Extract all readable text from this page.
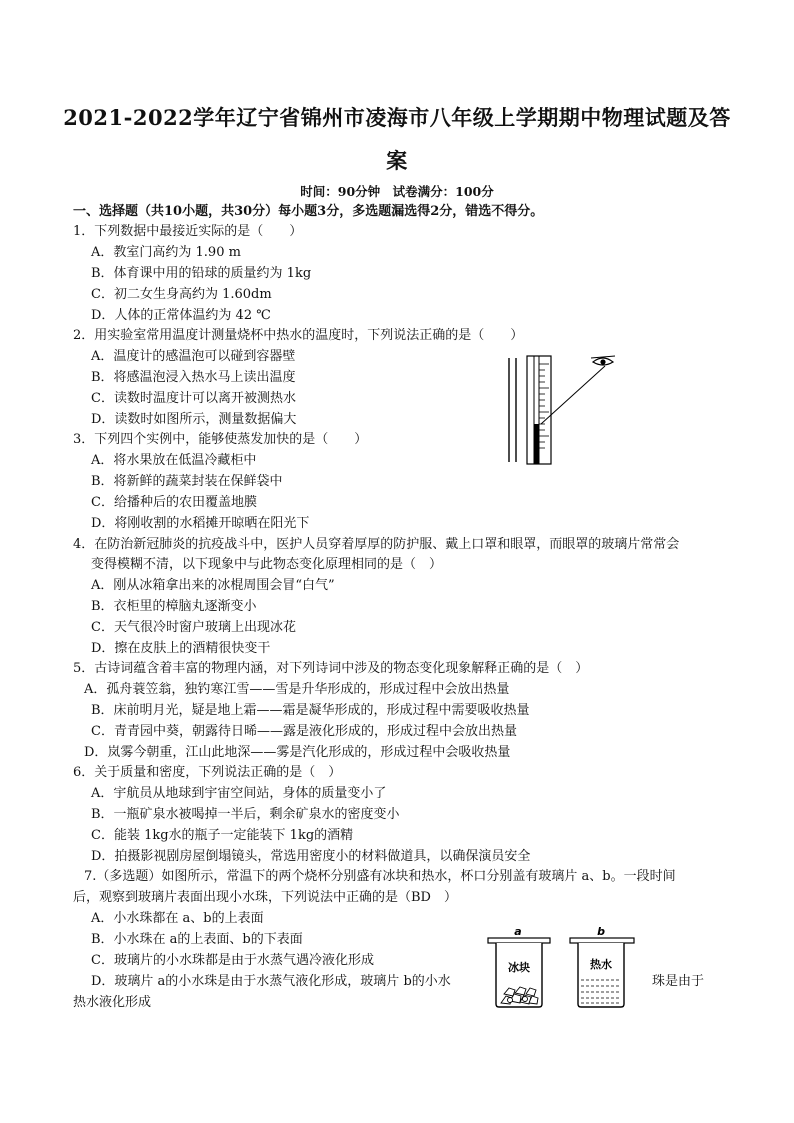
2021-2022学年辽宁省锦州市凌海市八年级上学期期中物理试题及答
案
时间：90分钟　试卷满分：100分
一、选择题（共10小题，共30分）每小题3分，多选题漏选得2分，错选不得分。
1．下列数据中最接近实际的是（　　）
A．教室门高约为 1.90 m
B．体育课中用的铅球的质量约为 1kg
C．初二女生身高约为 1.60dm
D．人体的正常体温约为 42 ℃
2．用实验室常用温度计测量烧杯中热水的温度时，下列说法正确的是（　　）
A．温度计的感温泡可以碰到容器壁
B．将感温泡浸入热水马上读出温度
C．读数时温度计可以离开被测热水
D．读数时如图所示，测量数据偏大
3．下列四个实例中，能够使蒸发加快的是（　　）
A．将水果放在低温冷藏柜中
B．将新鲜的蔬菜封装在保鲜袋中
C．给播种后的农田覆盖地膜
D．将刚收割的水稻摊开晾晒在阳光下
4．在防治新冠肺炎的抗疫战斗中，医护人员穿着厚厚的防护服、戴上口罩和眼罩，而眼罩的玻璃片常常会
变得模糊不清，以下现象中与此物态变化原理相同的是（　）
A．刚从冰箱拿出来的冰棍周围会冒“白气”
B．衣柜里的樟脑丸逐渐变小
C．天气很冷时窗户玻璃上出现冰花
D．擦在皮肤上的酒精很快变干
5．古诗词蕴含着丰富的物理内涵，对下列诗词中涉及的物态变化现象解释正确的是（　）
A．孤舟蓑笠翁，独钓寒江雪——雪是升华形成的，形成过程中会放出热量
B．床前明月光，疑是地上霜——霜是凝华形成的，形成过程中需要吸收热量
C．青青园中葵，朝露待日晞——露是液化形成的，形成过程中会放出热量
D．岚雾今朝重，江山此地深——雾是汽化形成的，形成过程中会吸收热量
6．关于质量和密度，下列说法正确的是（　）
A．宇航员从地球到宇宙空间站，身体的质量变小了
B．一瓶矿泉水被喝掉一半后，剩余矿泉水的密度变小
C．能装 1kg水的瓶子一定能装下 1kg的酒精
D．拍摄影视剧房屋倒塌镜头，常选用密度小的材料做道具，以确保演员安全
7.（多选题）如图所示，常温下的两个烧杯分别盛有冰块和热水，杯口分别盖有玻璃片 a、b。一段时间
后，观察到玻璃片表面出现小水珠，下列说法中正确的是（BD　）
A．小水珠都在 a、b的上表面
B．小水珠在 a的上表面、b的下表面
C．玻璃片的小水珠都是由于水蒸气遇冷液化形成
D．玻璃片 a的小水珠是由于水蒸气液化形成，玻璃片 b的小水	珠是由于
热水液化形成
a
冰块
b
热水
